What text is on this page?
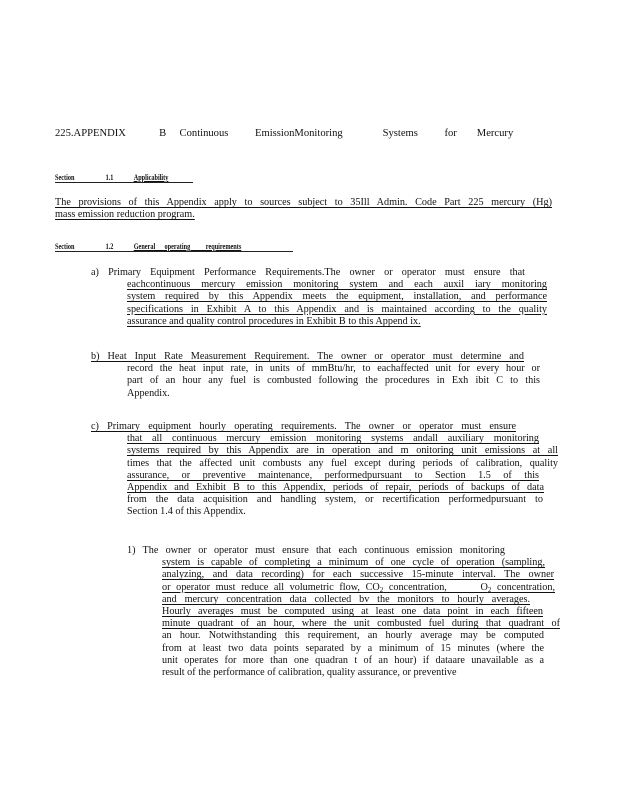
225.APPENDIX     B  Continuous    EmissionMonitoring      Systems    for   Mercury
Section	1.1	Applicability
The provisions of this Appendix apply to sources subject to 35Ill Admin. Code Part 225 mercury (Hg)
mass emission reduction program.
Section	1.2	General      operating          requirements
a) Primary Equipment Performance Requirements.The owner or operator must ensure that
eachcontinuous mercury emission monitoring system and each auxil iary monitoring
system required by this Appendix meets the equipment, installation, and performance
specifications in Exhibit A to this Appendix and is maintained according to the quality
assurance and quality control procedures in Exhibit B to this Append ix.
b) Heat Input Rate Measurement Requirement. The owner or operator must determine and
record the heat input rate, in units of mmBtu/hr, to eachaffected unit for every hour or
part of an hour any fuel is combusted following the procedures in Exh ibit C to this
Appendix.
c) Primary equipment hourly operating requirements. The owner or operator must ensure
that all continuous mercury emission monitoring systems andall auxiliary monitoring
systems required by this Appendix are in operation and m onitoring unit emissions at all
times that the affected unit combusts any fuel except during periods of calibration, quality
assurance, or preventive maintenance, performedpursuant to Section 1.5 of this
Appendix and Exhibit B to this Appendix, periods of repair, periods of backups of data
from the data acquisition and handling system, or recertification performedpursuant to
Section 1.4 of this Appendix.
1) The owner or operator must ensure that each continuous emission monitoring
system is capable of completing a minimum of one cycle of operation (sampling,
analyzing, and data recording) for each successive 15-minute interval. The owner
or operator must reduce all volumetric flow, $CO_2$ concentration,      $O_2$ concentration,
and mercury concentration data collected bv the monitors to hourly averages.
Hourly averages must be computed using at least one data point in each fifteen
minute quadrant of an hour, where the unit combusted fuel during that quadrant of
an hour. Notwithstanding this requirement, an hourly average may be computed
from at least two data points separated by a minimum of 15 minutes (where the
unit operates for more than one quadran t of an hour) if dataare unavailable as a
result of the performance of calibration, quality assurance, or preventive
